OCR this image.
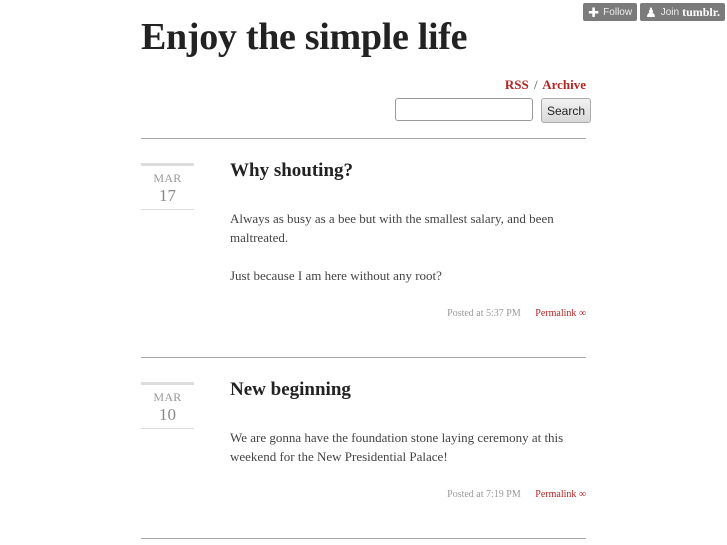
✚ Follow ♟ Join tumblr.
Enjoy the simple life
RSS / Archive
Search
MAR
17
Why shouting?

Always as busy as a bee but with the smallest salary, and been maltreated.

Just because I am here without any root?

Posted at 5:37 PM Permalink ∞
MAR
10
New beginning

We are gonna have the foundation stone laying ceremony at this weekend for the New Presidential Palace!

Posted at 7:19 PM Permalink ∞
